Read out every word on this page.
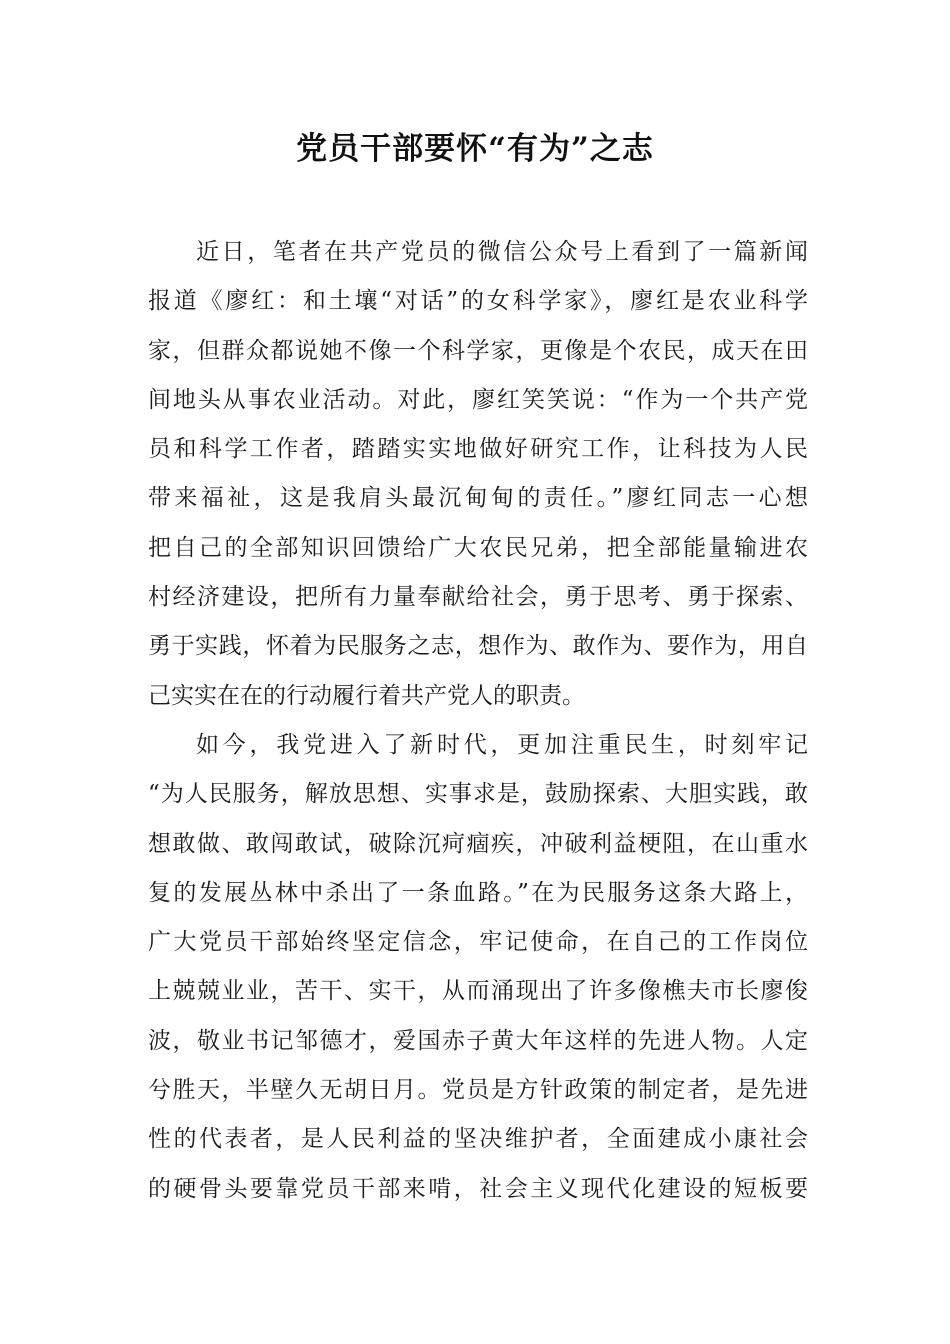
党员干部要怀“有为”之志
近日，笔者在共产党员的微信公众号上看到了一篇新闻
报道《廖红：和土壤“对话”的女科学家》，廖红是农业科学
家，但群众都说她不像一个科学家，更像是个农民，成天在田
间地头从事农业活动。对此，廖红笑笑说：“作为一个共产党
员和科学工作者，踏踏实实地做好研究工作，让科技为人民
带来福祉，这是我肩头最沉甸甸的责任。”廖红同志一心想
把自己的全部知识回馈给广大农民兄弟，把全部能量输进农
村经济建设，把所有力量奉献给社会，勇于思考、勇于探索、
勇于实践，怀着为民服务之志，想作为、敢作为、要作为，用自
己实实在在的行动履行着共产党人的职责。
如今，我党进入了新时代，更加注重民生，时刻牢记
“为人民服务，解放思想、实事求是，鼓励探索、大胆实践，敢
想敢做、敢闯敢试，破除沉疴痼疾，冲破利益梗阻，在山重水
复的发展丛林中杀出了一条血路。”在为民服务这条大路上，
广大党员干部始终坚定信念，牢记使命，在自己的工作岗位
上兢兢业业，苦干、实干，从而涌现出了许多像樵夫市长廖俊
波，敬业书记邹德才，爱国赤子黄大年这样的先进人物。人定
兮胜天，半壁久无胡日月。党员是方针政策的制定者，是先进
性的代表者，是人民利益的坚决维护者，全面建成小康社会
的硬骨头要靠党员干部来啃，社会主义现代化建设的短板要
